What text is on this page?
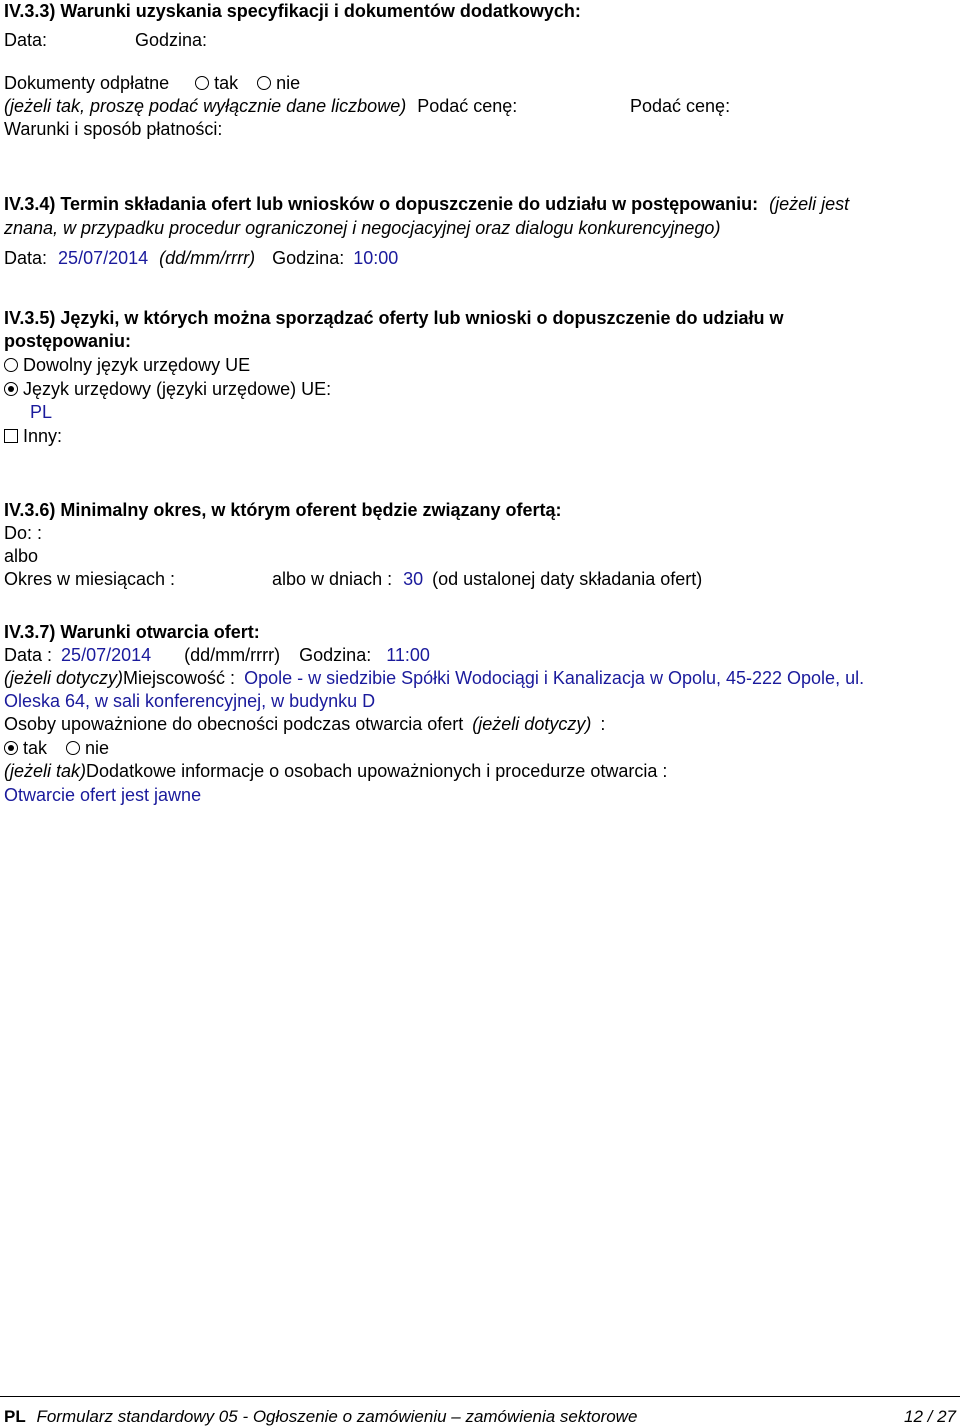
IV.3.3) Warunki uzyskania specyfikacji i dokumentów dodatkowych:
Data:	Godzina:
Dokumenty odpłatne	tak nie
(jeżeli tak, proszę podać wyłącznie dane liczbowe) Podać cenę:	Podać cenę:
Warunki i sposób płatności:
IV.3.4) Termin składania ofert lub wniosków o dopuszczenie do udziału w postępowaniu: (jeżeli jest
znana, w przypadku procedur ograniczonej i negocjacyjnej oraz dialogu konkurencyjnego)
Data: 25/07/2014 (dd/mm/rrrr) Godzina: 10:00
IV.3.5) Języki, w których można sporządzać oferty lub wnioski o dopuszczenie do udziału w
postępowaniu:
Dowolny język urzędowy UE
Język urzędowy (języki urzędowe) UE:
PL
Inny:
IV.3.6) Minimalny okres, w którym oferent będzie związany ofertą:
Do: :
albo
Okres w miesiącach :	albo w dniach : 30 (od ustalonej daty składania ofert)
IV.3.7) Warunki otwarcia ofert:
Data : 25/07/2014 (dd/mm/rrrr) Godzina: 11:00
(jeżeli dotyczy)Miejscowość : Opole - w siedzibie Spółki Wodociągi i Kanalizacja w Opolu, 45-222 Opole, ul.
Oleska 64, w sali konferencyjnej, w budynku D
Osoby upoważnione do obecności podczas otwarcia ofert (jeżeli dotyczy) :
tak nie
(jeżeli tak)Dodatkowe informacje o osobach upoważnionych i procedurze otwarcia :
Otwarcie ofert jest jawne
PL Formularz standardowy 05 - Ogłoszenie o zamówieniu – zamówienia sektorowe	12 / 27
